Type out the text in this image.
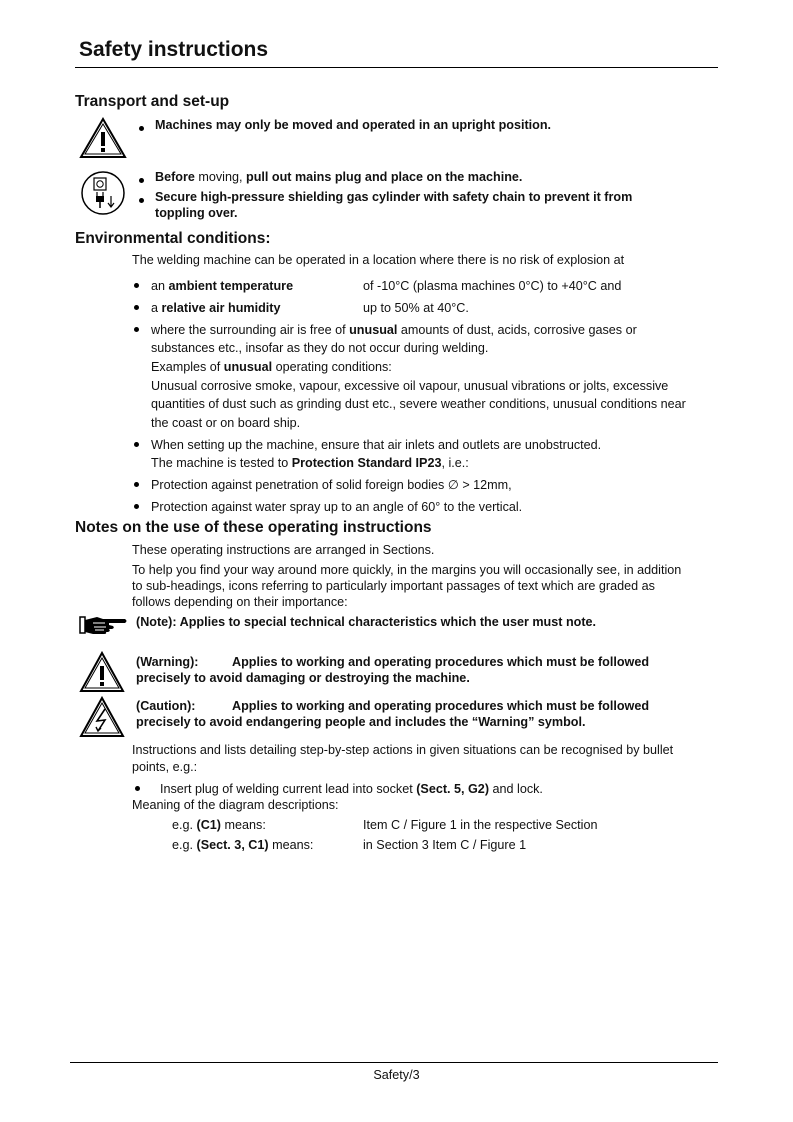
Safety instructions
Transport and set-up
Machines may only be moved and operated in an upright position.
Before moving, pull out mains plug and place on the machine.
Secure high-pressure shielding gas cylinder with safety chain to prevent it from
toppling over.
Environmental conditions:
The welding machine can be operated in a location where there is no risk of explosion at
an ambient temperature	of -10°C (plasma machines 0°C) to +40°C and
a relative air humidity	up to 50% at 40°C.
where the surrounding air is free of unusual amounts of dust, acids, corrosive gases or
substances etc., insofar as they do not occur during welding.
Examples of unusual operating conditions:
Unusual corrosive smoke, vapour, excessive oil vapour, unusual vibrations or jolts, excessive
quantities of dust such as grinding dust etc., severe weather conditions, unusual conditions near
the coast or on board ship.
When setting up the machine, ensure that air inlets and outlets are unobstructed.
The machine is tested to Protection Standard IP23, i.e.:
Protection against penetration of solid foreign bodies ∅ > 12mm,
Protection against water spray up to an angle of 60° to the vertical.
Notes on the use of these operating instructions
These operating instructions are arranged in Sections.
To help you find your way around more quickly, in the margins you will occasionally see, in addition
to sub-headings, icons referring to particularly important passages of text which are graded as
follows depending on their importance:
(Note): Applies to special technical characteristics which the user must note.
(Warning):	Applies to working and operating procedures which must be followed
precisely to avoid damaging or destroying the machine.
(Caution):	Applies to working and operating procedures which must be followed
precisely to avoid endangering people and includes the “Warning” symbol.
Instructions and lists detailing step-by-step actions in given situations can be recognised by bullet
points, e.g.:
Insert plug of welding current lead into socket (Sect. 5, G2) and lock.
Meaning of the diagram descriptions:
e.g. (C1) means:	Item C / Figure 1 in the respective Section
e.g. (Sect. 3, C1) means:	in Section 3 Item C / Figure 1
Safety/3
